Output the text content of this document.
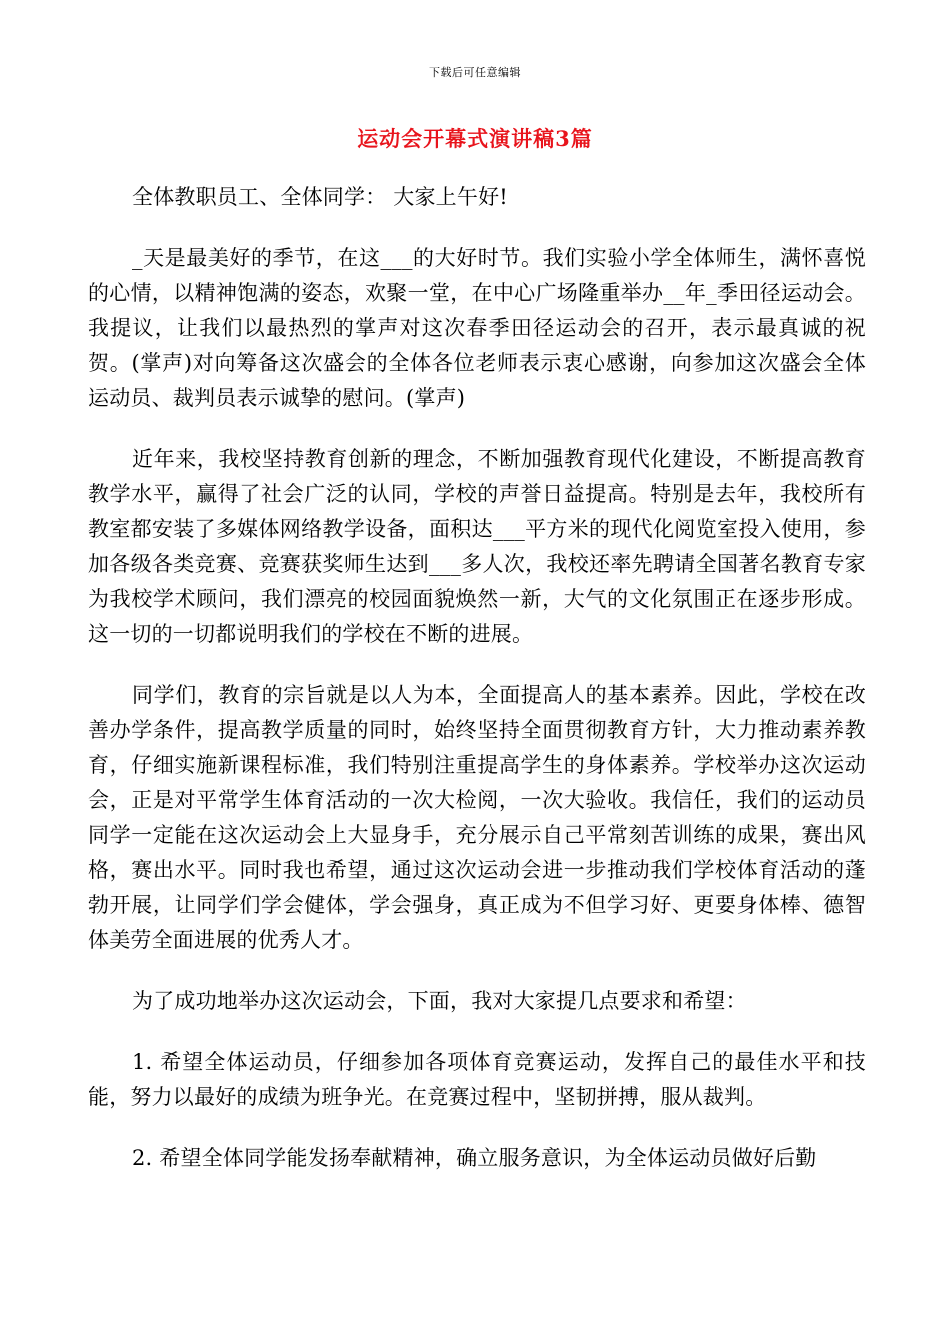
下载后可任意编辑
运动会开幕式演讲稿3篇

全体教职员工、全体同学： 大家上午好!

_天是最美好的季节，在这___的大好时节。我们实验小学全体师生，满怀喜悦的心情，以精神饱满的姿态，欢聚一堂，在中心广场隆重举办__年_季田径运动会。我提议，让我们以最热烈的掌声对这次春季田径运动会的召开，表示最真诚的祝贺。(掌声)对向筹备这次盛会的全体各位老师表示衷心感谢，向参加这次盛会全体运动员、裁判员表示诚挚的慰问。(掌声)

近年来，我校坚持教育创新的理念，不断加强教育现代化建设，不断提高教育教学水平，赢得了社会广泛的认同，学校的声誉日益提高。特别是去年，我校所有教室都安装了多媒体网络教学设备，面积达___平方米的现代化阅览室投入使用，参加各级各类竞赛、竞赛获奖师生达到___多人次，我校还率先聘请全国著名教育专家为我校学术顾问，我们漂亮的校园面貌焕然一新，大气的文化氛围正在逐步形成。这一切的一切都说明我们的学校在不断的进展。

同学们，教育的宗旨就是以人为本，全面提高人的基本素养。因此，学校在改善办学条件，提高教学质量的同时，始终坚持全面贯彻教育方针，大力推动素养教育，仔细实施新课程标准，我们特别注重提高学生的身体素养。学校举办这次运动会，正是对平常学生体育活动的一次大检阅，一次大验收。我信任，我们的运动员同学一定能在这次运动会上大显身手，充分展示自己平常刻苦训练的成果，赛出风格，赛出水平。同时我也希望，通过这次运动会进一步推动我们学校体育活动的蓬勃开展，让同学们学会健体，学会强身，真正成为不但学习好、更要身体棒、德智体美劳全面进展的优秀人才。

为了成功地举办这次运动会，下面，我对大家提几点要求和希望：

1. 希望全体运动员，仔细参加各项体育竞赛运动，发挥自己的最佳水平和技能，努力以最好的成绩为班争光。在竞赛过程中，坚韧拼搏，服从裁判。

2. 希望全体同学能发扬奉献精神，确立服务意识，为全体运动员做好后勤
